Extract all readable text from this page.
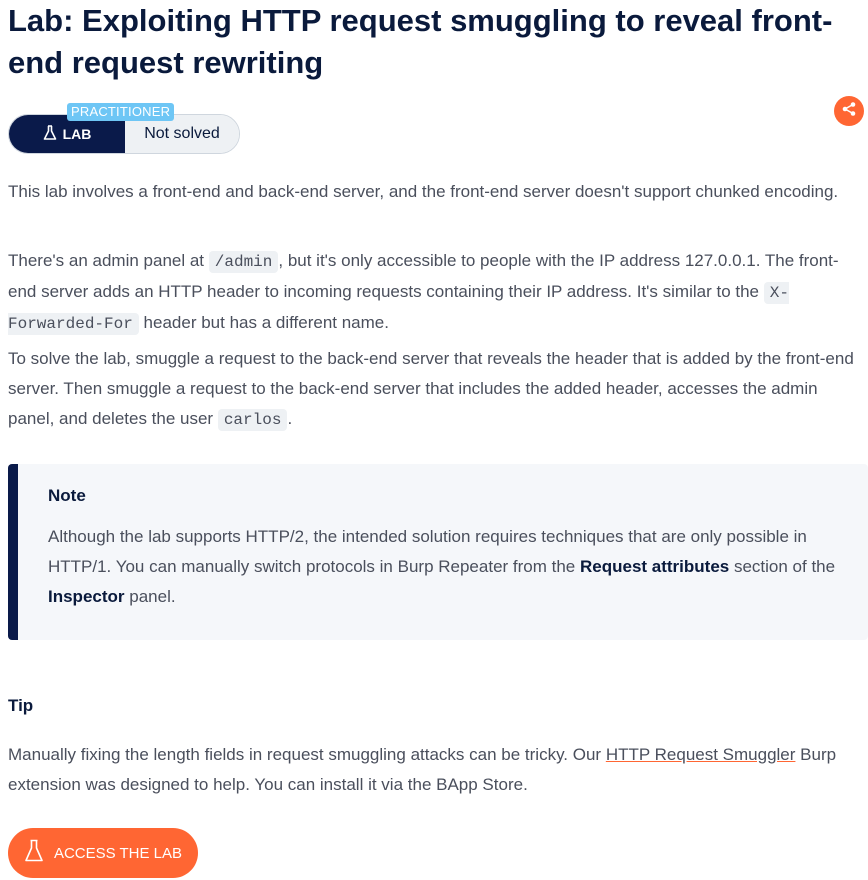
Lab: Exploiting HTTP request smuggling to reveal front-end request rewriting
LAB	Not solved
PRACTITIONER

This lab involves a front-end and back-end server, and the front-end server doesn't support chunked encoding.

There's an admin panel at /admin , but it's only accessible to people with the IP address 127.0.0.1. The front-end server adds an HTTP header to incoming requests containing their IP address. It's similar to the X-Forwarded-For header but has a different name.

To solve the lab, smuggle a request to the back-end server that reveals the header that is added by the front-end server. Then smuggle a request to the back-end server that includes the added header, accesses the admin panel, and deletes the user carlos .

Note

Although the lab supports HTTP/2, the intended solution requires techniques that are only possible in HTTP/1. You can manually switch protocols in Burp Repeater from the Request attributes section of the Inspector panel.

Tip

Manually fixing the length fields in request smuggling attacks can be tricky. Our HTTP Request Smuggler Burp extension was designed to help. You can install it via the BApp Store.

ACCESS THE LAB
